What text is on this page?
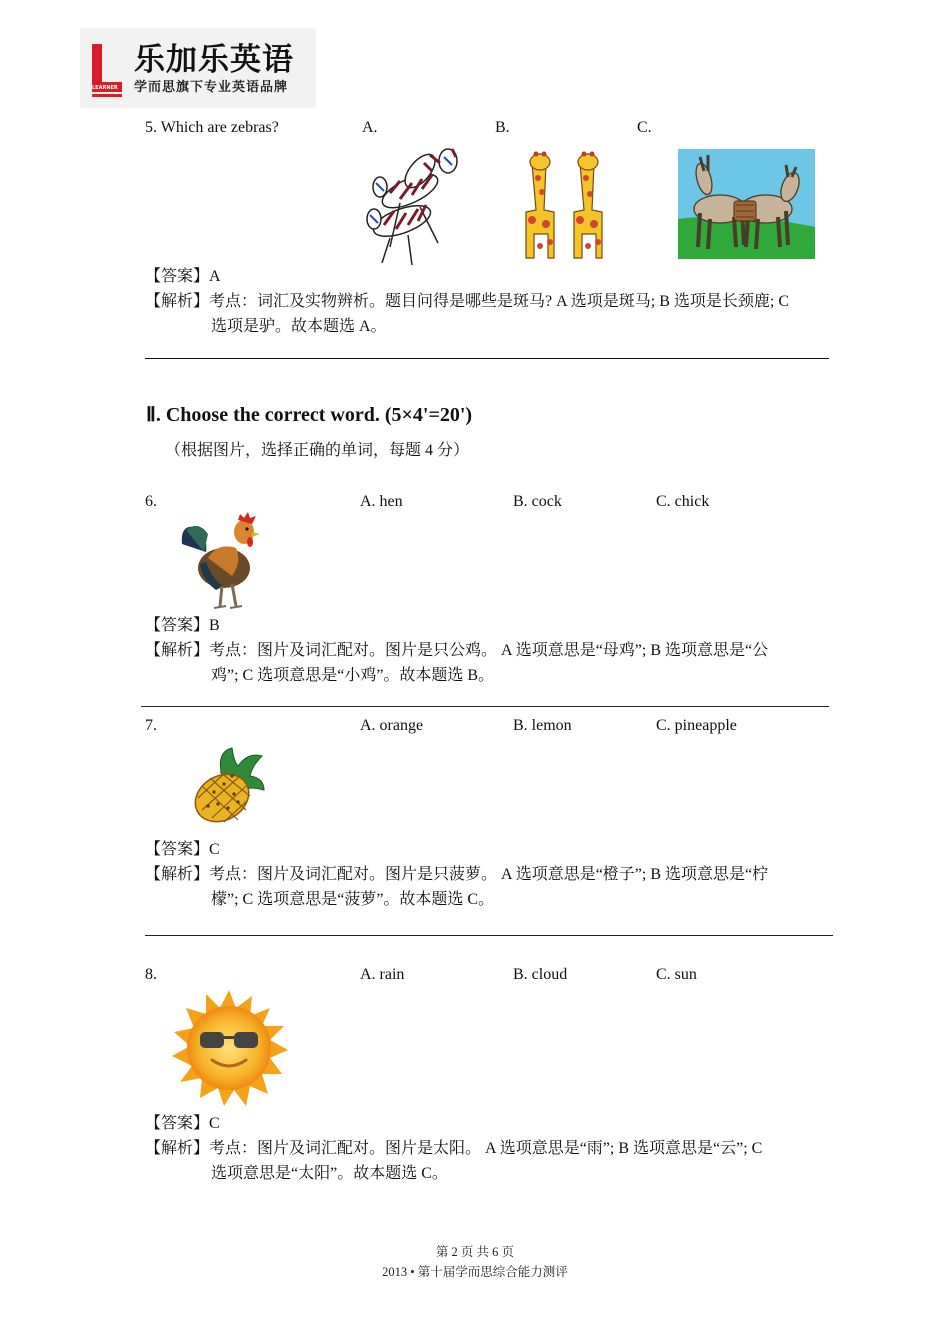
LEARNER
乐加乐英语
学而思旗下专业英语品牌
5. Which are zebras?	A.	B.	C.
【答案】A
【解析】考点：词汇及实物辨析。题目问得是哪些是斑马? A 选项是斑马; B 选项是长颈鹿; C
选项是驴。故本题选 A。
Ⅱ. Choose the correct word. (5×4'=20')
（根据图片，选择正确的单词，每题 4 分）
6.	A. hen	B. cock	C. chick
【答案】B
【解析】考点：图片及词汇配对。图片是只公鸡。 A 选项意思是“母鸡”; B 选项意思是“公
鸡”; C 选项意思是“小鸡”。故本题选 B。
7.	A. orange	B. lemon	C. pineapple
【答案】C
【解析】考点：图片及词汇配对。图片是只菠萝。 A 选项意思是“橙子”; B 选项意思是“柠
檬”; C 选项意思是“菠萝”。故本题选 C。
8.	A. rain	B. cloud	C. sun
【答案】C
【解析】考点：图片及词汇配对。图片是太阳。 A 选项意思是“雨”; B 选项意思是“云”; C
选项意思是“太阳”。故本题选 C。
第 2 页 共 6 页
2013 • 第十届学而思综合能力测评
